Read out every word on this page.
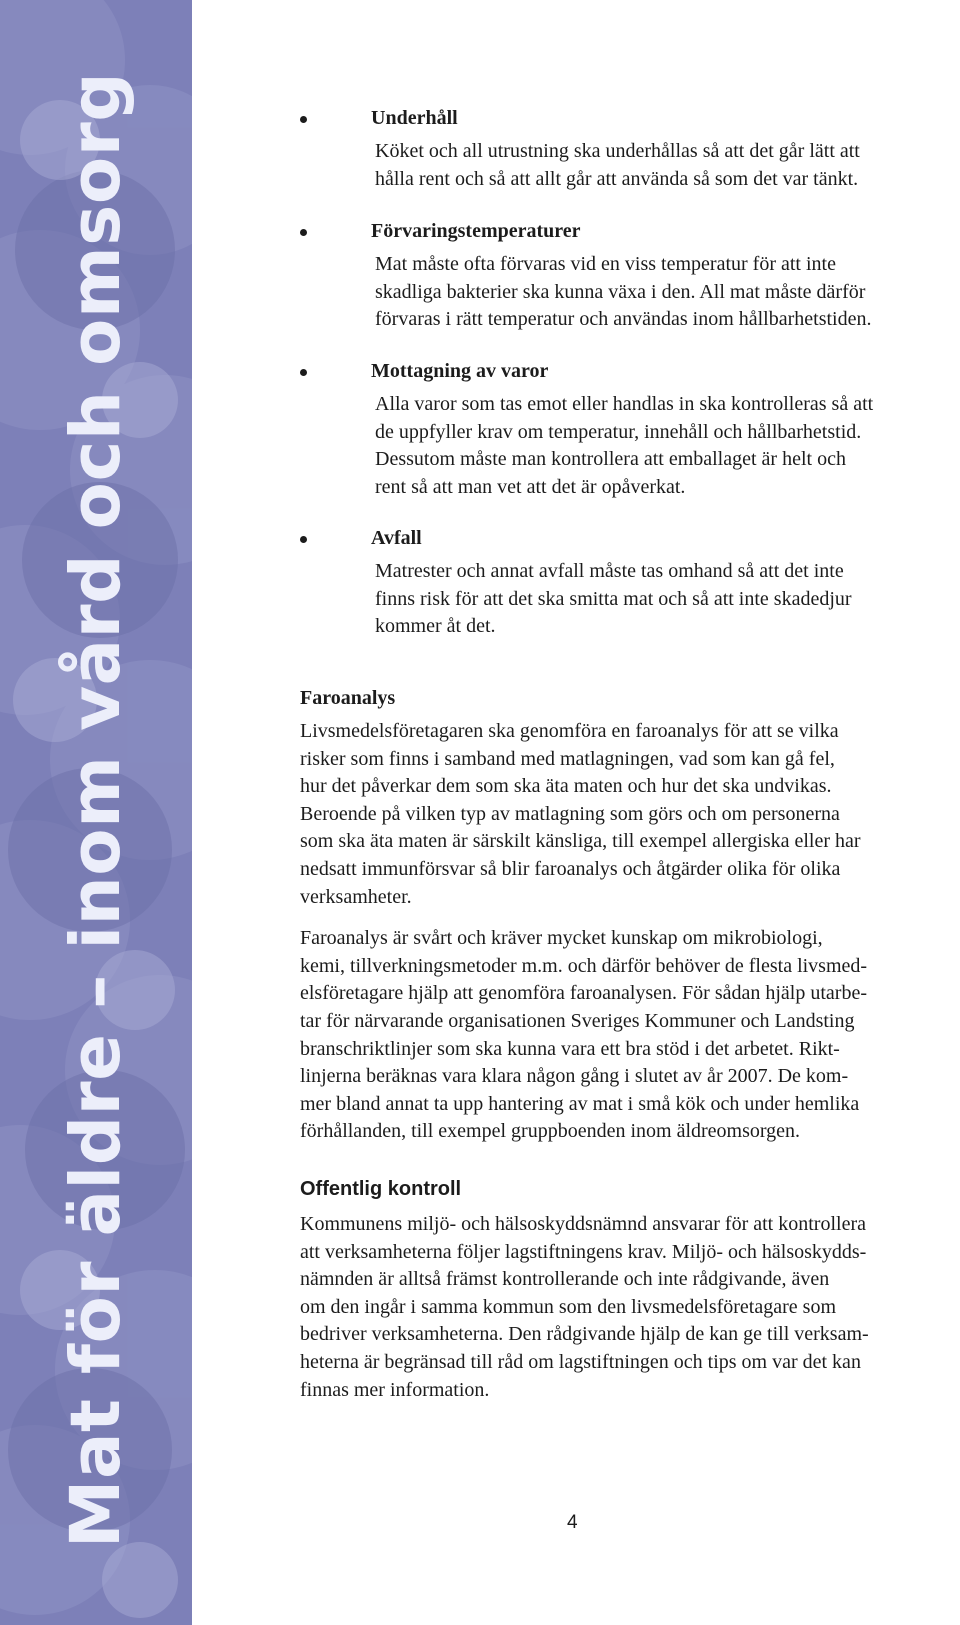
Mat för äldre – inom vård och omsorg	Underhåll
Köket och all utrustning ska underhållas så att det går lätt att
hålla rent och så att allt går att använda så som det var tänkt.
Förvaringstemperaturer
Mat måste ofta förvaras vid en viss temperatur för att inte
skadliga bakterier ska kunna växa i den. All mat måste därför
förvaras i rätt temperatur och användas inom hållbarhetstiden.
Mottagning av varor
Alla varor som tas emot eller handlas in ska kontrolleras så att
de uppfyller krav om temperatur, innehåll och hållbarhetstid.
Dessutom måste man kontrollera att emballaget är helt och
rent så att man vet att det är opåverkat.
Avfall
Matrester och annat avfall måste tas omhand så att det inte
finns risk för att det ska smitta mat och så att inte skadedjur
kommer åt det.
Faroanalys
Livsmedelsföretagaren ska genomföra en faroanalys för att se vilka
risker som finns i samband med matlagningen, vad som kan gå fel,
hur det påverkar dem som ska äta maten och hur det ska undvikas.
Beroende på vilken typ av matlagning som görs och om personerna
som ska äta maten är särskilt känsliga, till exempel allergiska eller har
nedsatt immunförsvar så blir faroanalys och åtgärder olika för olika
verksamheter.
Faroanalys är svårt och kräver mycket kunskap om mikrobiologi,
kemi, tillverkningsmetoder m.m. och därför behöver de flesta livsmed-
elsföretagare hjälp att genomföra faroanalysen. För sådan hjälp utarbe-
tar för närvarande organisationen Sveriges Kommuner och Landsting
branschriktlinjer som ska kunna vara ett bra stöd i det arbetet. Rikt-
linjerna beräknas vara klara någon gång i slutet av år 2007. De kom-
mer bland annat ta upp hantering av mat i små kök och under hemlika
förhållanden, till exempel gruppboenden inom äldreomsorgen.
Offentlig kontroll
Kommunens miljö- och hälsoskyddsnämnd ansvarar för att kontrollera
att verksamheterna följer lagstiftningens krav. Miljö- och hälsoskydds-
nämnden är alltså främst kontrollerande och inte rådgivande, även
om den ingår i samma kommun som den livsmedelsföretagare som
bedriver verksamheterna. Den rådgivande hjälp de kan ge till verksam-
heterna är begränsad till råd om lagstiftningen och tips om var det kan
finnas mer information.
4
